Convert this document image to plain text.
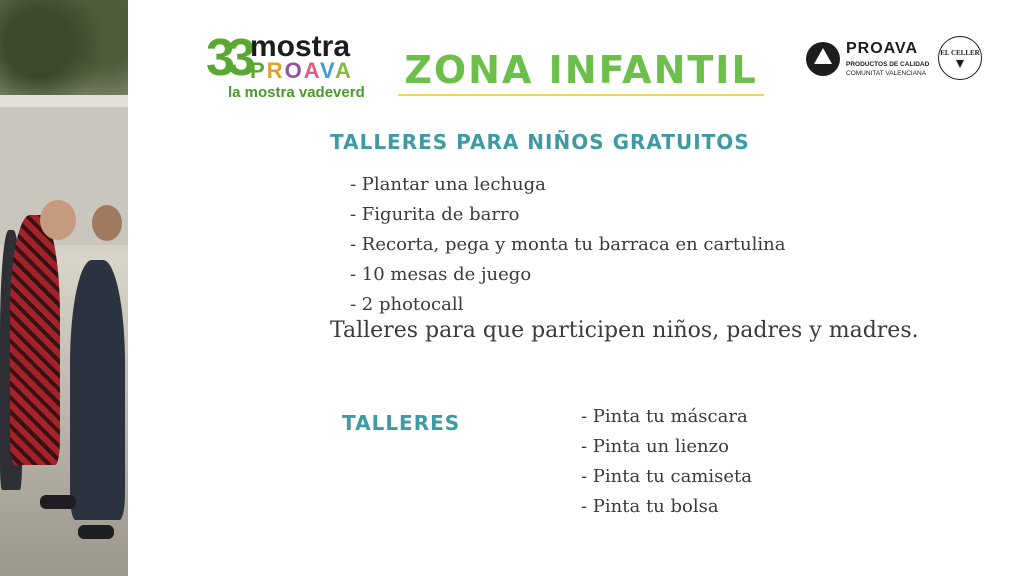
33 mostra
PROAVA
la mostra vadeverd
ZONA INFANTIL	PROAVA
PRODUCTOS DE CALIDAD
COMUNITAT VALENCIANA
EL CELLER
TALLERES PARA NIÑOS GRATUITOS
- Plantar una lechuga
- Figurita de barro
- Recorta, pega y monta tu barraca en cartulina
- 10 mesas de juego
- 2 photocall
Talleres para que participen niños, padres y madres.
TALLERES	- Pinta tu máscara
- Pinta un lienzo
- Pinta tu camiseta
- Pinta tu bolsa
